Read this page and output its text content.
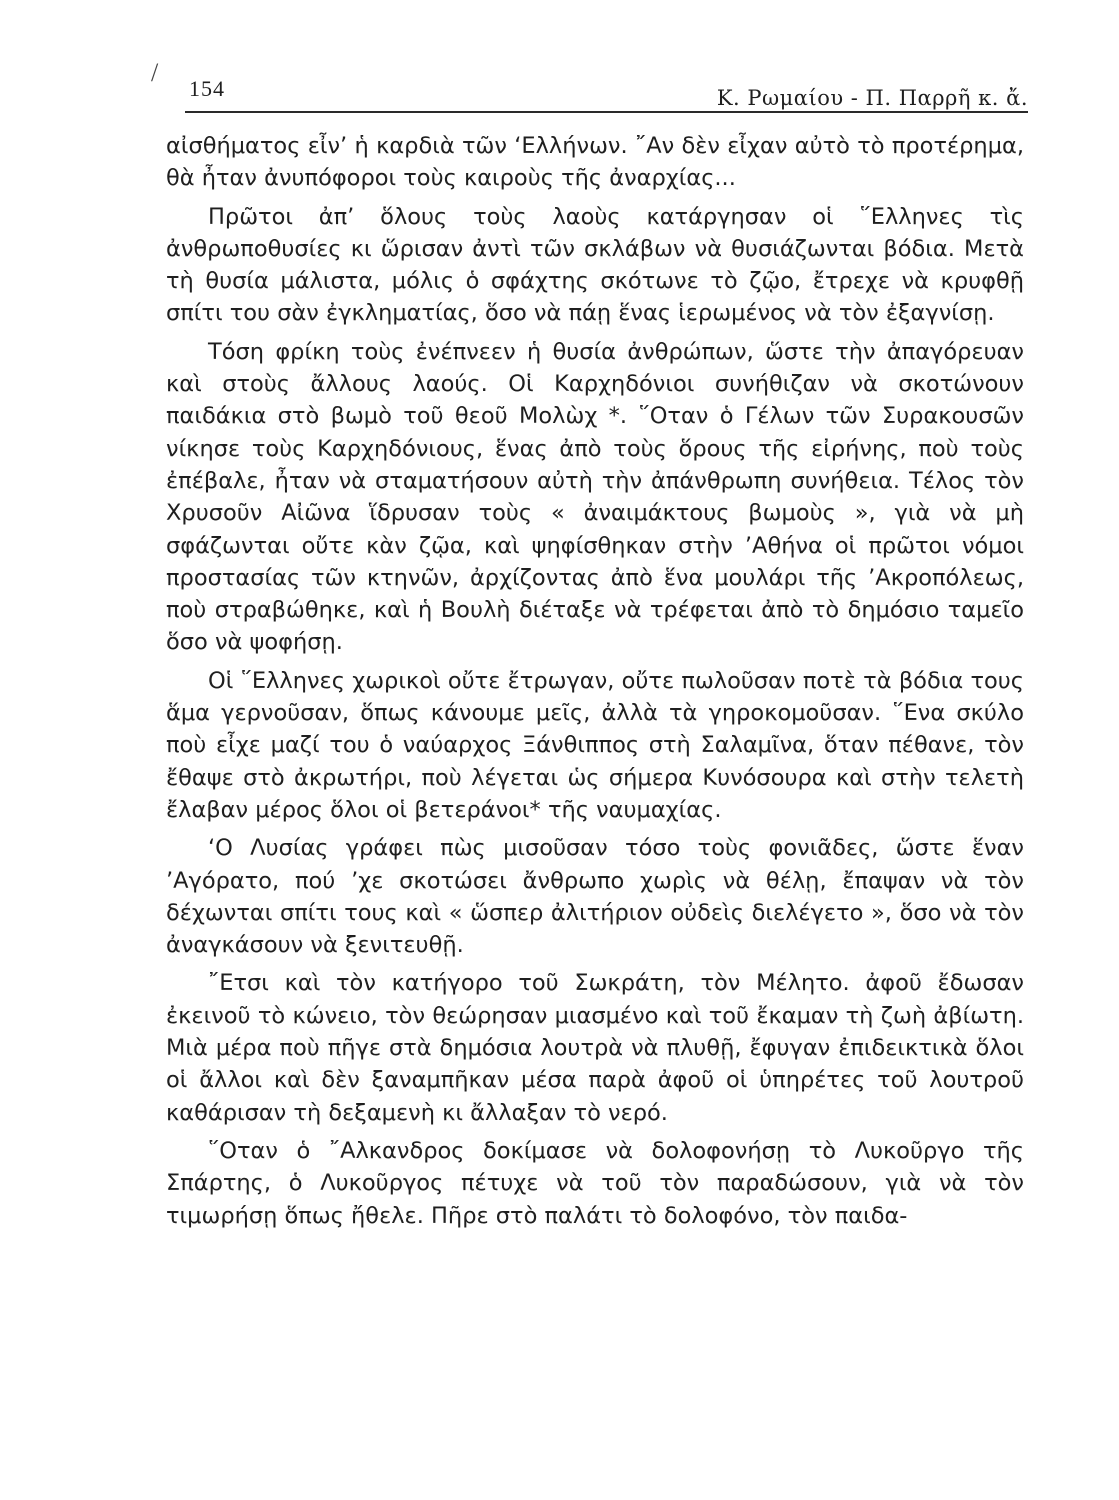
/
154	Κ. Ρωμαίου - Π. Παρρῆ κ. ἄ.

αἰσθήματος εἶν’ ἡ καρδιὰ τῶν ‘Ελλήνων. ῎Αν δὲν εἶχαν αὐτὸ τὸ προτέρημα, θὰ ἦταν ἀνυπόφοροι τοὺς καιροὺς τῆς ἀναρχίας...

Πρῶτοι ἀπ’ ὅλους τοὺς λαοὺς κατάργησαν οἱ ῞Ελληνες τὶς ἀνθρωποθυσίες κι ὥρισαν ἀντὶ τῶν σκλάβων νὰ θυσιάζωνται βόδια. Μετὰ τὴ θυσία μάλιστα, μόλις ὁ σφάχτης σκότωνε τὸ ζῷο, ἔτρεχε νὰ κρυφθῇ σπίτι του σὰν ἐγκληματίας, ὅσο νὰ πάῃ ἕνας ἱερωμένος νὰ τὸν ἐξαγνίσῃ.

Τόση φρίκη τοὺς ἐνέπνεεν ἡ θυσία ἀνθρώπων, ὥστε τὴν ἀπαγόρευαν καὶ στοὺς ἄλλους λαούς. Οἱ Καρχηδόνιοι συνήθιζαν νὰ σκοτώνουν παιδάκια στὸ βωμὸ τοῦ θεοῦ Μολὼχ *. ῞Οταν ὁ Γέλων τῶν Συρακουσῶν νίκησε τοὺς Καρχηδόνιους, ἕνας ἀπὸ τοὺς ὅρους τῆς εἰρήνης, ποὺ τοὺς ἐπέβαλε, ἦταν νὰ σταματήσουν αὐτὴ τὴν ἀπάνθρωπη συνήθεια. Τέλος τὸν Χρυσοῦν Αἰῶνα ἵδρυσαν τοὺς « ἀναιμάκτους βωμοὺς », γιὰ νὰ μὴ σφάζωνται οὔτε κὰν ζῷα, καὶ ψηφίσθηκαν στὴν ’Αθήνα οἱ πρῶτοι νόμοι προστασίας τῶν κτηνῶν, ἀρχίζοντας ἀπὸ ἕνα μουλάρι τῆς ’Ακροπόλεως, ποὺ στραβώθηκε, καὶ ἡ Βουλὴ διέταξε νὰ τρέφεται ἀπὸ τὸ δημόσιο ταμεῖο ὅσο νὰ ψοφήσῃ.

Οἱ ῞Ελληνες χωρικοὶ οὔτε ἔτρωγαν, οὔτε πωλοῦσαν ποτὲ τὰ βόδια τους ἅμα γερνοῦσαν, ὅπως κάνουμε μεῖς, ἀλλὰ τὰ γηροκομοῦσαν. ῞Ενα σκύλο ποὺ εἶχε μαζί του ὁ ναύαρχος Ξάνθιππος στὴ Σαλαμῖνα, ὅταν πέθανε, τὸν ἔθαψε στὸ ἀκρωτήρι, ποὺ λέγεται ὡς σήμερα Κυνόσουρα καὶ στὴν τελετὴ ἔλαβαν μέρος ὅλοι οἱ βετεράνοι* τῆς ναυμαχίας.

‘Ο Λυσίας γράφει πὼς μισοῦσαν τόσο τοὺς φονιᾶδες, ὥστε ἕναν ’Αγόρατο, πού ’χε σκοτώσει ἄνθρωπο χωρὶς νὰ θέλῃ, ἔπαψαν νὰ τὸν δέχωνται σπίτι τους καὶ « ὥσπερ ἀλιτήριον οὐδεὶς διελέγετο », ὅσο νὰ τὸν ἀναγκάσουν νὰ ξενιτευθῇ.

῎Ετσι καὶ τὸν κατήγορο τοῦ Σωκράτη, τὸν Μέλητο. ἀφοῦ ἔδωσαν ἐκεινοῦ τὸ κώνειο, τὸν θεώρησαν μιασμένο καὶ τοῦ ἔκαμαν τὴ ζωὴ ἀβίωτη. Μιὰ μέρα ποὺ πῆγε στὰ δημόσια λουτρὰ νὰ πλυθῇ, ἔφυγαν ἐπιδεικτικὰ ὅλοι οἱ ἄλλοι καὶ δὲν ξαναμπῆκαν μέσα παρὰ ἀφοῦ οἱ ὑπηρέτες τοῦ λουτροῦ καθάρισαν τὴ δεξαμενὴ κι ἄλλαξαν τὸ νερό.

῞Οταν ὁ ῎Αλκανδρος δοκίμασε νὰ δολοφονήσῃ τὸ Λυκοῦργο τῆς Σπάρτης, ὁ Λυκοῦργος πέτυχε νὰ τοῦ τὸν παραδώσουν, γιὰ νὰ τὸν τιμωρήσῃ ὅπως ἤθελε. Πῆρε στὸ παλάτι τὸ δολοφόνο, τὸν παιδα-
